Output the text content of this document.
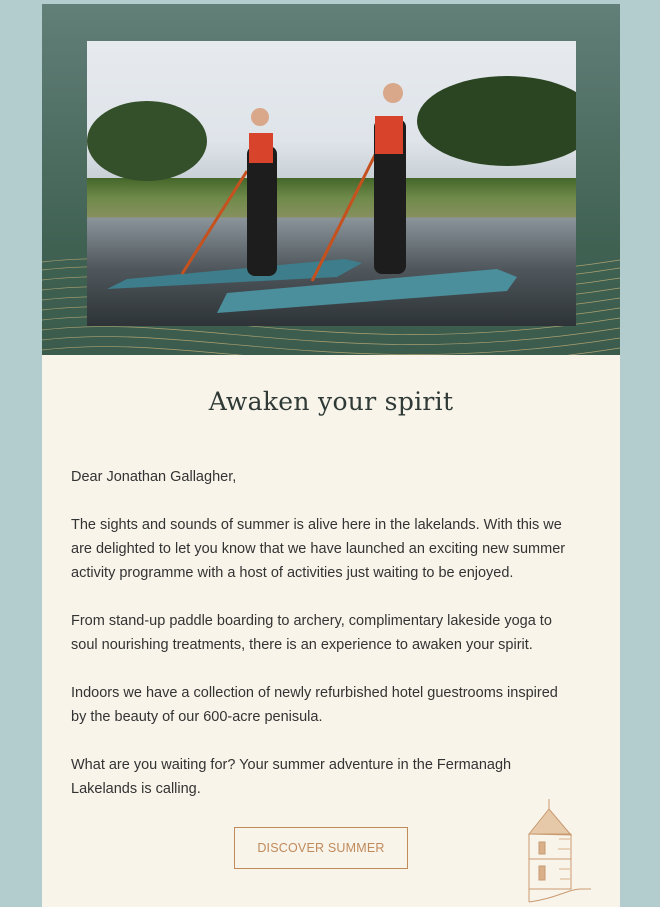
Awaken your spirit

Dear Jonathan Gallagher,

The sights and sounds of summer is alive here in the lakelands. With this we are delighted to let you know that we have launched an exciting new summer activity programme with a host of activities just waiting to be enjoyed.

From stand-up paddle boarding to archery, complimentary lakeside yoga to soul nourishing treatments, there is an experience to awaken your spirit.

Indoors we have a collection of newly refurbished hotel guestrooms inspired by the beauty of our 600-acre penisula.

What are you waiting for? Your summer adventure in the Fermanagh Lakelands is calling.

DISCOVER SUMMER
